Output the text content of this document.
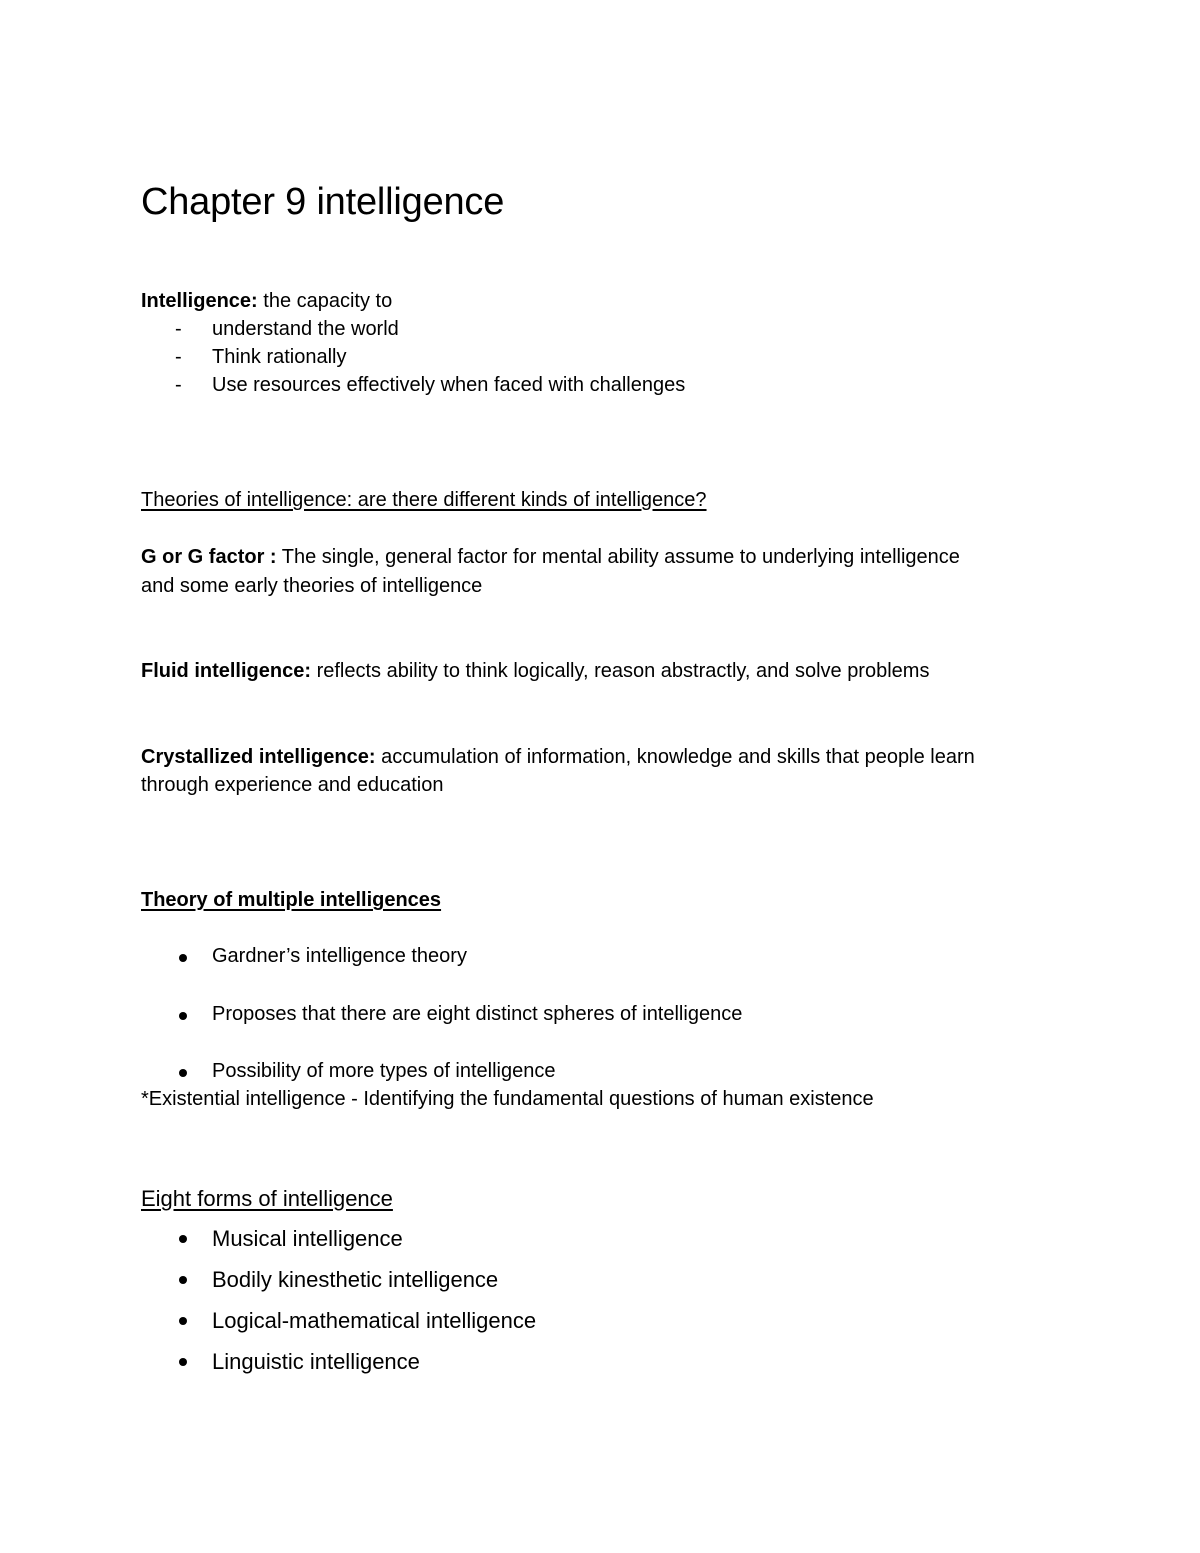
Chapter 9 intelligence
Intelligence: the capacity to
- understand the world
- Think rationally
- Use resources effectively when faced with challenges
Theories of intelligence: are there different kinds of intelligence?
G or G factor : The single, general factor for mental ability assume to underlying intelligence
and some early theories of intelligence
Fluid intelligence: reflects ability to think logically, reason abstractly, and solve problems
Crystallized intelligence: accumulation of information, knowledge and skills that people learn
through experience and education
Theory of multiple intelligences
Gardner’s intelligence theory
Proposes that there are eight distinct spheres of intelligence
Possibility of more types of intelligence
*Existential intelligence - Identifying the fundamental questions of human existence
Eight forms of intelligence
Musical intelligence
Bodily kinesthetic intelligence
Logical-mathematical intelligence
Linguistic intelligence
